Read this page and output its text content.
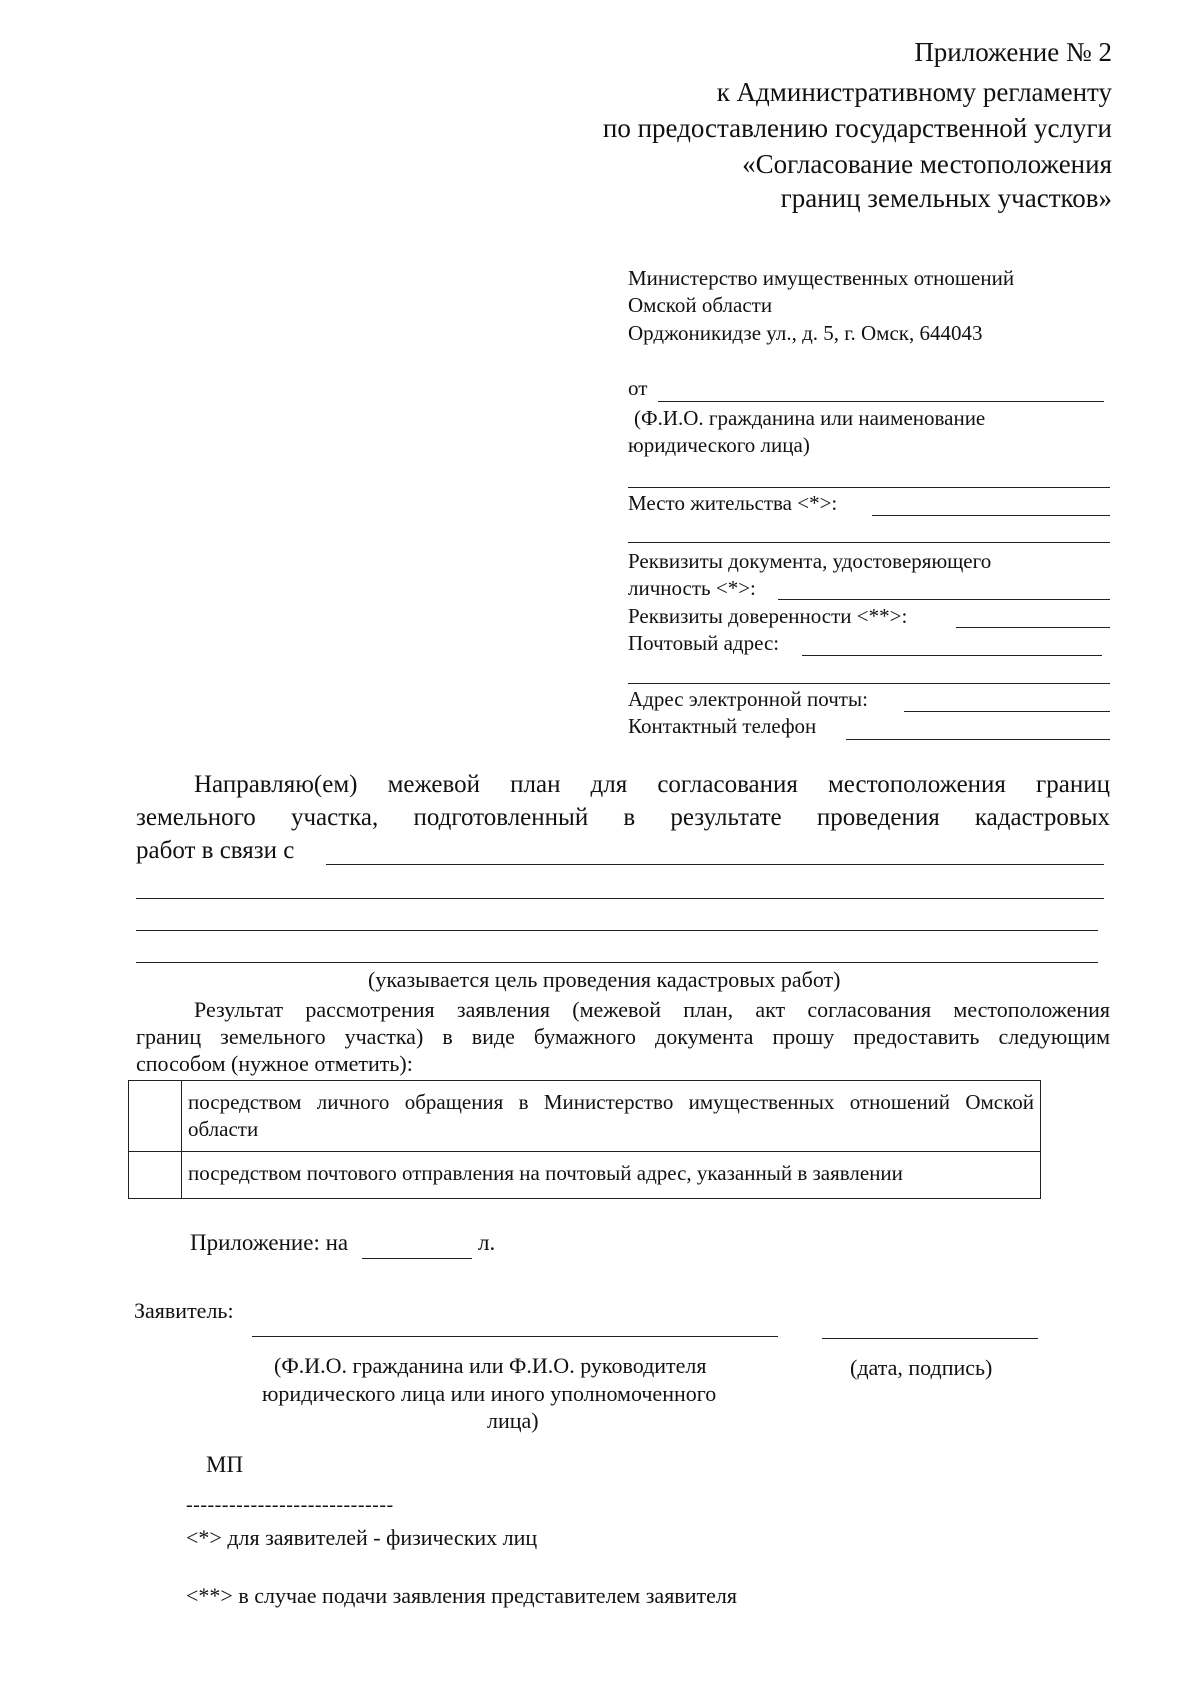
Приложение № 2
к Административному регламенту
по предоставлению государственной услуги
«Согласование местоположения
границ земельных участков»
Министерство имущественных отношений
Омской области
Орджоникидзе ул., д. 5, г. Омск, 644043
от
(Ф.И.О. гражданина или наименование
юридического лица)
Место жительства <*>:
Реквизиты документа, удостоверяющего
личность <*>:
Реквизиты доверенности <**>:
Почтовый адрес:
Адрес электронной почты:
Контактный телефон
Направляю(ем) межевой план для согласования местоположения границ
земельного участка, подготовленный в результате проведения кадастровых
работ в связи с
(указывается цель проведения кадастровых работ)
Результат рассмотрения заявления (межевой план, акт согласования местоположения
границ земельного участка) в виде бумажного документа прошу предоставить следующим
способом (нужное отметить):
	посредством личного обращения в Министерство имущественных отношений Омской области
	посредством почтового отправления на почтовый адрес, указанный в заявлении
Приложение: на	л.
Заявитель:
(Ф.И.О. гражданина или Ф.И.О. руководителя
юридического лица или иного уполномоченного
лица)
(дата, подпись)
МП
-----------------------------
<*> для заявителей - физических лиц
<**> в случае подачи заявления представителем заявителя
